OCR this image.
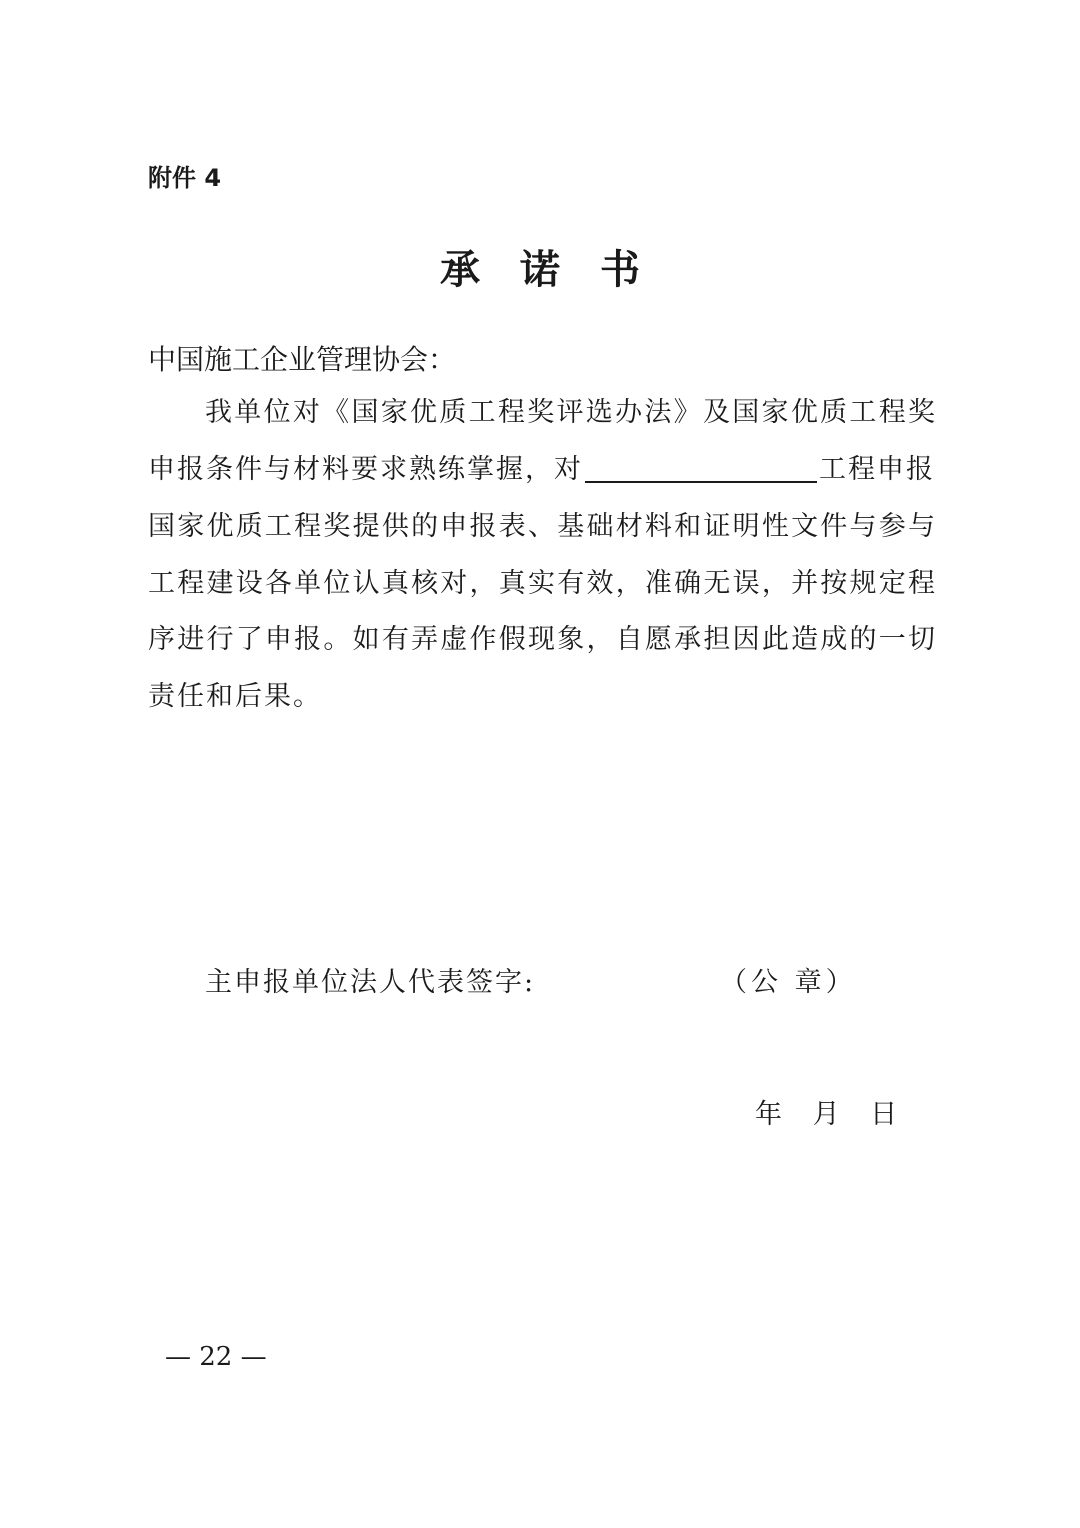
附件 4
承诺书
中国施工企业管理协会：
我单位对《国家优质工程奖评选办法》及国家优质工程奖
申报条件与材料要求熟练掌握，对	工程申报
国家优质工程奖提供的申报表、基础材料和证明性文件与参与
工程建设各单位认真核对，真实有效，准确无误，并按规定程
序进行了申报。如有弄虚作假现象，自愿承担因此造成的一切
责任和后果。
主申报单位法人代表签字:	（公 章）
年 月 日
— 22 —
